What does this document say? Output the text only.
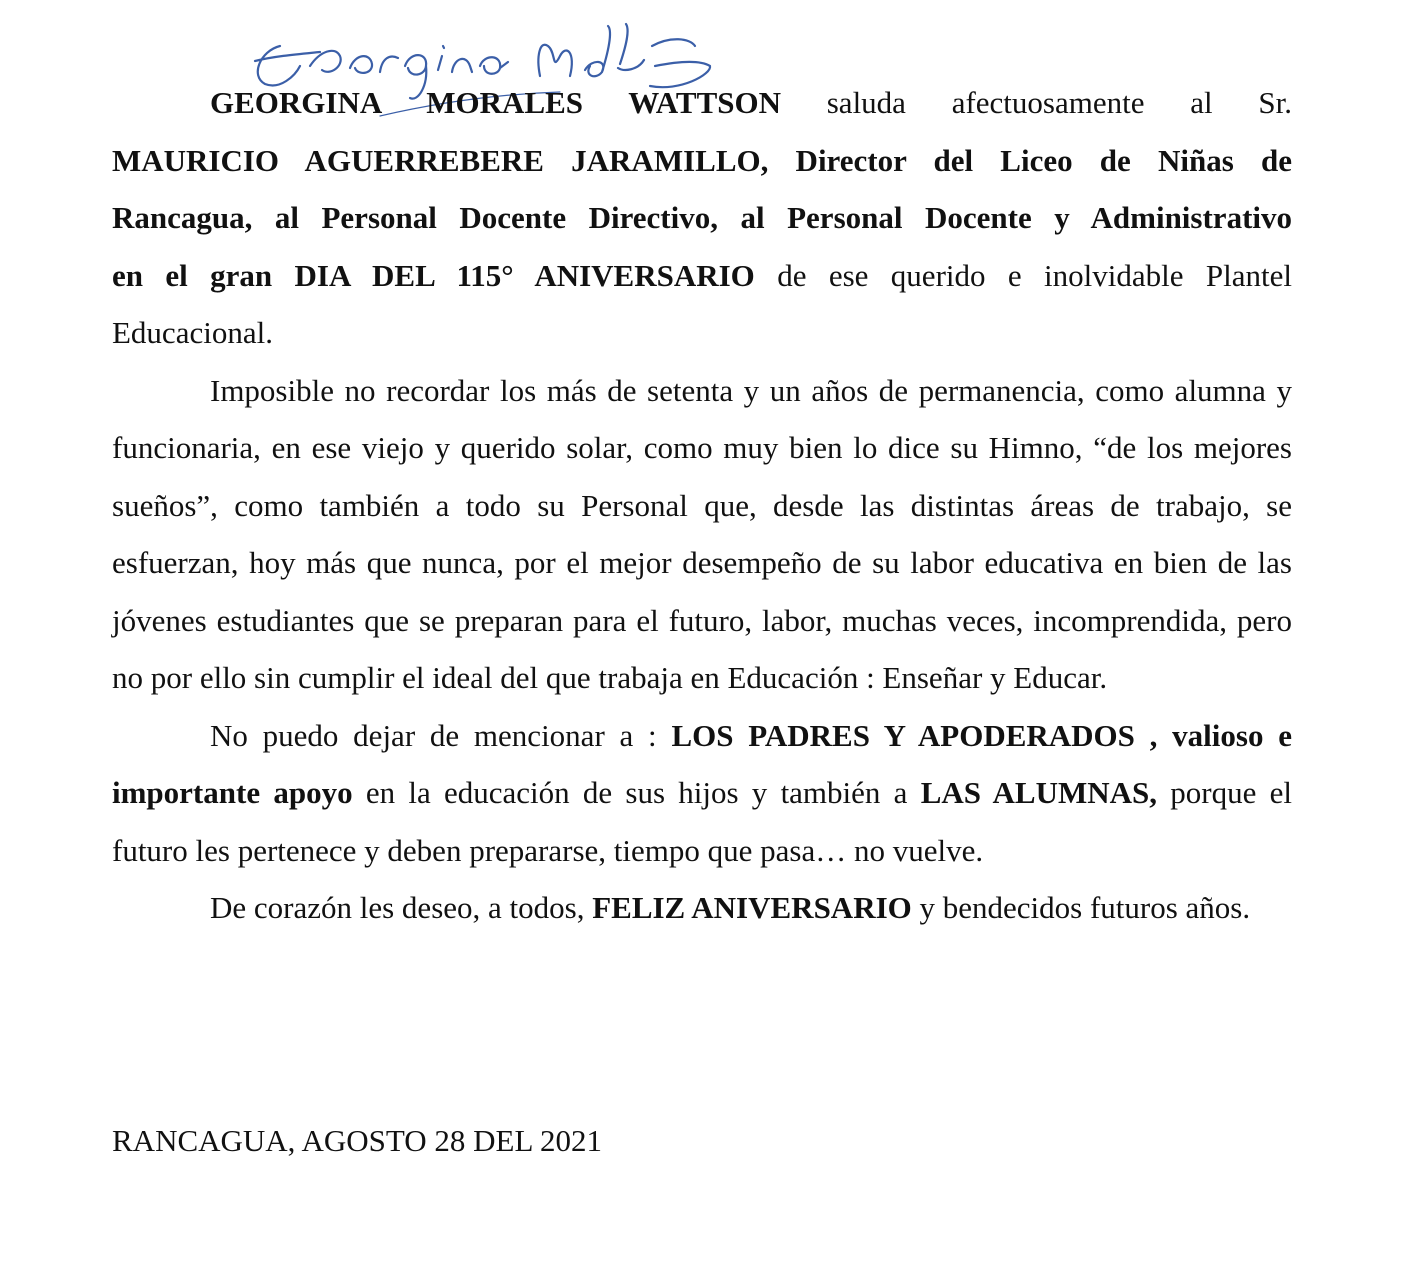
GEORGINA MORALES WATTSON saluda afectuosamente al Sr. MAURICIO AGUERREBERE JARAMILLO, Director del Liceo de Niñas de Rancagua, al Personal Docente Directivo, al Personal Docente y Administrativo en el gran DIA DEL 115° ANIVERSARIO de ese querido e inolvidable Plantel Educacional.

Imposible no recordar los más de setenta y un años de permanencia, como alumna y funcionaria, en ese viejo y querido solar, como muy bien lo dice su Himno, “de los mejores sueños”, como también a todo su Personal que, desde las distintas áreas de trabajo, se esfuerzan, hoy más que nunca, por el mejor desempeño de su labor educativa en bien de las jóvenes estudiantes que se preparan para el futuro, labor, muchas veces, incomprendida, pero no por ello sin cumplir el ideal del que trabaja en Educación : Enseñar y Educar.

No puedo dejar de mencionar a : LOS PADRES Y APODERADOS , valioso e importante apoyo en la educación de sus hijos y también a LAS ALUMNAS, porque el futuro les pertenece y deben prepararse, tiempo que pasa… no vuelve.

De corazón les deseo, a todos, FELIZ ANIVERSARIO y bendecidos futuros años.

RANCAGUA, AGOSTO 28 DEL 2021
